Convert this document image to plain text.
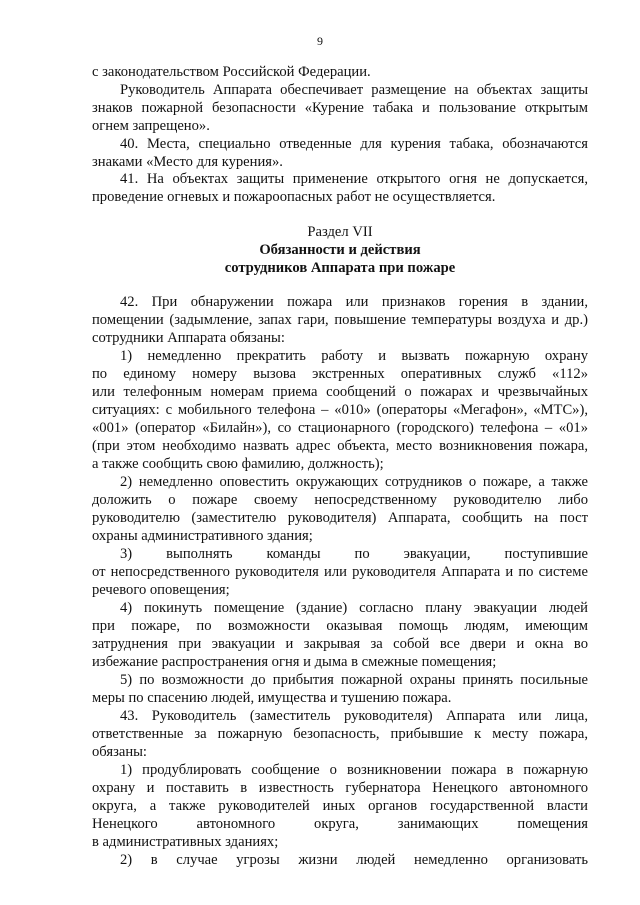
9
с законодательством Российской Федерации.
Руководитель Аппарата обеспечивает размещение на объектах защиты
знаков пожарной безопасности «Курение табака и пользование открытым
огнем запрещено».
40. Места, специально отведенные для курения табака, обозначаются
знаками «Место для курения».
41. На объектах защиты применение открытого огня не допускается,
проведение огневых и пожароопасных работ не осуществляется.
Раздел VII
Обязанности и действия
сотрудников Аппарата при пожаре
42. При обнаружении пожара или признаков горения в здании,
помещении (задымление, запах гари, повышение температуры воздуха и др.)
сотрудники Аппарата обязаны:
1) немедленно прекратить работу и вызвать пожарную охрану
по единому номеру вызова экстренных оперативных служб «112»
или телефонным номерам приема сообщений о пожарах и чрезвычайных
ситуациях: с мобильного телефона – «010» (операторы «Мегафон», «МТС»),
«001» (оператор «Билайн»), со стационарного (городского) телефона – «01»
(при этом необходимо назвать адрес объекта, место возникновения пожара,
а также сообщить свою фамилию, должность);
2) немедленно оповестить окружающих сотрудников о пожаре, а также
доложить о пожаре своему непосредственному руководителю либо
руководителю (заместителю руководителя) Аппарата, сообщить на пост
охраны административного здания;
3) выполнять команды по эвакуации, поступившие
от непосредственного руководителя или руководителя Аппарата и по системе
речевого оповещения;
4) покинуть помещение (здание) согласно плану эвакуации людей
при пожаре, по возможности оказывая помощь людям, имеющим
затруднения при эвакуации и закрывая за собой все двери и окна во
избежание распространения огня и дыма в смежные помещения;
5) по возможности до прибытия пожарной охраны принять посильные
меры по спасению людей, имущества и тушению пожара.
43. Руководитель (заместитель руководителя) Аппарата или лица,
ответственные за пожарную безопасность, прибывшие к месту пожара,
обязаны:
1) продублировать сообщение о возникновении пожара в пожарную
охрану и поставить в известность губернатора Ненецкого автономного
округа, а также руководителей иных органов государственной власти
Ненецкого автономного округа, занимающих помещения
в административных зданиях;
2) в случае угрозы жизни людей немедленно организовать
